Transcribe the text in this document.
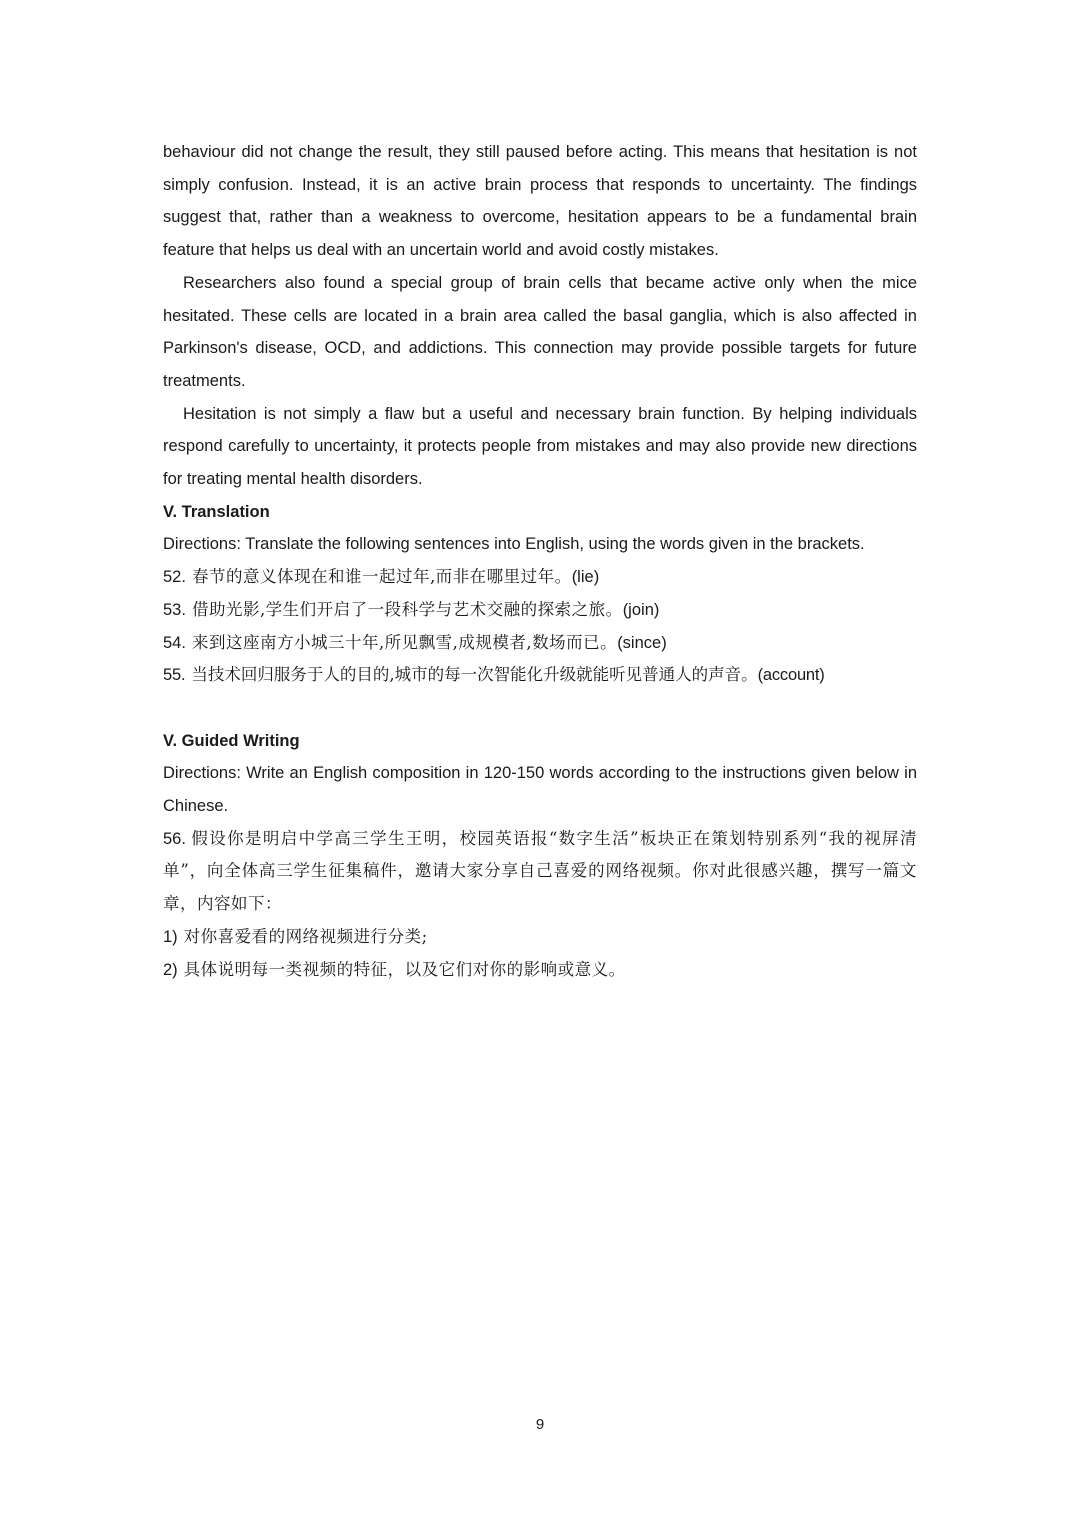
behaviour did not change the result, they still paused before acting. This means that hesitation is not simply confusion. Instead, it is an active brain process that responds to uncertainty. The findings suggest that, rather than a weakness to overcome, hesitation appears to be a fundamental brain feature that helps us deal with an uncertain world and avoid costly mistakes.

Researchers also found a special group of brain cells that became active only when the mice hesitated. These cells are located in a brain area called the basal ganglia, which is also affected in Parkinson's disease, OCD, and addictions. This connection may provide possible targets for future treatments.

Hesitation is not simply a flaw but a useful and necessary brain function. By helping individuals respond carefully to uncertainty, it protects people from mistakes and may also provide new directions for treating mental health disorders.

V. Translation

Directions: Translate the following sentences into English, using the words given in the brackets.

52. 春节的意义体现在和谁一起过年,而非在哪里过年。(lie)

53. 借助光影,学生们开启了一段科学与艺术交融的探索之旅。(join)

54. 来到这座南方小城三十年,所见飘雪,成规模者,数场而已。(since)

55. 当技术回归服务于人的目的,城市的每一次智能化升级就能听见普通人的声音。(account)

V. Guided Writing

Directions: Write an English composition in 120-150 words according to the instructions given below in Chinese.

56. 假设你是明启中学高三学生王明，校园英语报“数字生活”板块正在策划特别系列“我的视屏清单”，向全体高三学生征集稿件，邀请大家分享自己喜爱的网络视频。你对此很感兴趣，撰写一篇文章，内容如下：

1) 对你喜爱看的网络视频进行分类;

2) 具体说明每一类视频的特征，以及它们对你的影响或意义。

9
